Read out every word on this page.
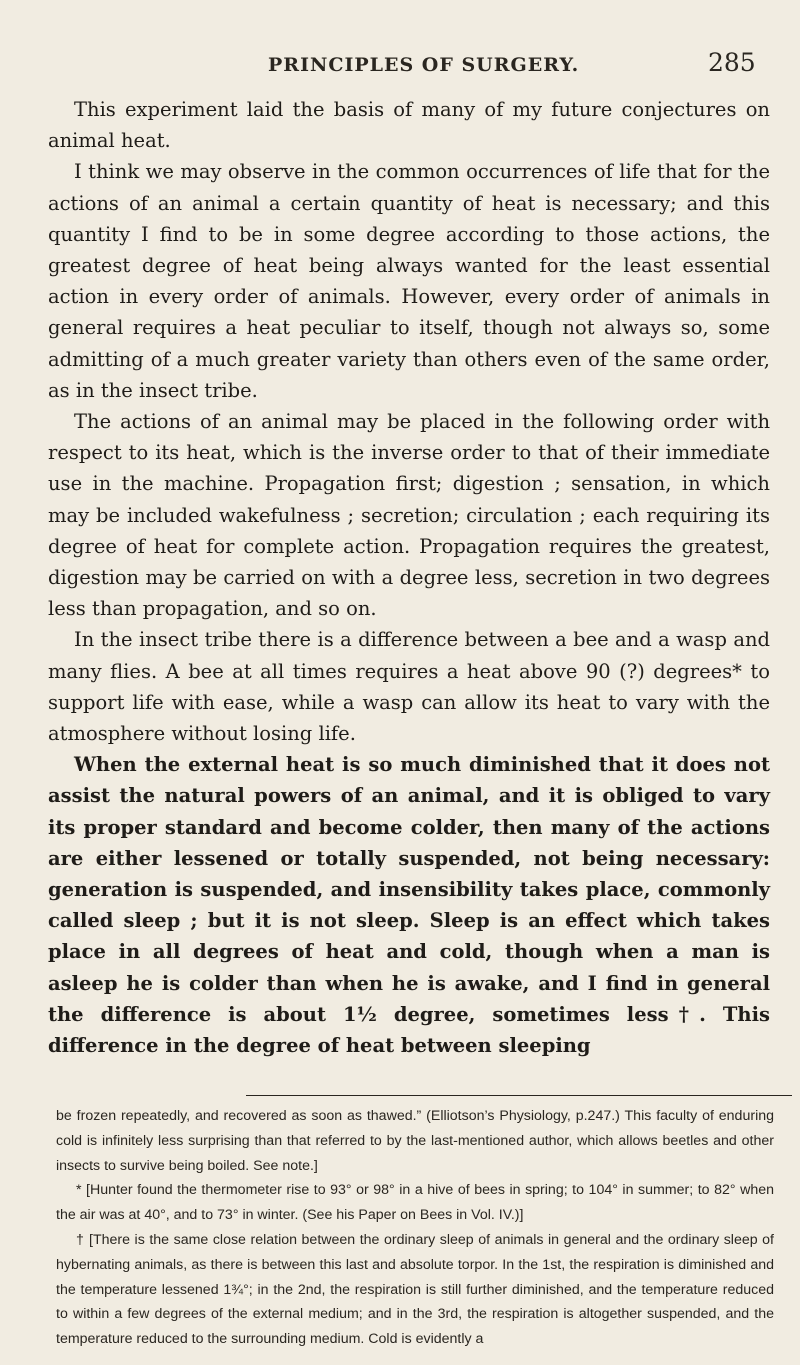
PRINCIPLES OF SURGERY.	285

This experiment laid the basis of many of my future conjectures on animal heat.

I think we may observe in the common occurrences of life that for the actions of an animal a certain quantity of heat is necessary; and this quantity I find to be in some degree according to those actions, the greatest degree of heat being always wanted for the least essential action in every order of animals. However, every order of animals in general requires a heat peculiar to itself, though not always so, some admitting of a much greater variety than others even of the same order, as in the insect tribe.

The actions of an animal may be placed in the following order with respect to its heat, which is the inverse order to that of their immediate use in the machine. Propagation first; digestion ; sensation, in which may be included wakefulness ; secretion; circulation ; each requiring its degree of heat for complete action. Propagation requires the greatest, digestion may be carried on with a degree less, secretion in two degrees less than propagation, and so on.

In the insect tribe there is a difference between a bee and a wasp and many flies. A bee at all times requires a heat above 90 (?) degrees* to support life with ease, while a wasp can allow its heat to vary with the atmosphere without losing life.

When the external heat is so much diminished that it does not assist the natural powers of an animal, and it is obliged to vary its proper standard and become colder, then many of the actions are either lessened or totally suspended, not being necessary: generation is suspended, and insensibility takes place, commonly called sleep ; but it is not sleep. Sleep is an effect which takes place in all degrees of heat and cold, though when a man is asleep he is colder than when he is awake, and I find in general the difference is about 1½ degree, sometimes less†. This difference in the degree of heat between sleeping

be frozen repeatedly, and recovered as soon as thawed.” (Elliotson’s Physiology, p.247.) This faculty of enduring cold is infinitely less surprising than that referred to by the last-mentioned author, which allows beetles and other insects to survive being boiled. See note.]

* [Hunter found the thermometer rise to 93° or 98° in a hive of bees in spring; to 104° in summer; to 82° when the air was at 40°, and to 73° in winter. (See his Paper on Bees in Vol. IV.)]

† [There is the same close relation between the ordinary sleep of animals in general and the ordinary sleep of hybernating animals, as there is between this last and absolute torpor. In the 1st, the respiration is diminished and the temperature lessened 1¾°; in the 2nd, the respiration is still further diminished, and the temperature reduced to within a few degrees of the external medium; and in the 3rd, the respiration is altogether suspended, and the temperature reduced to the surrounding medium. Cold is evidently a
